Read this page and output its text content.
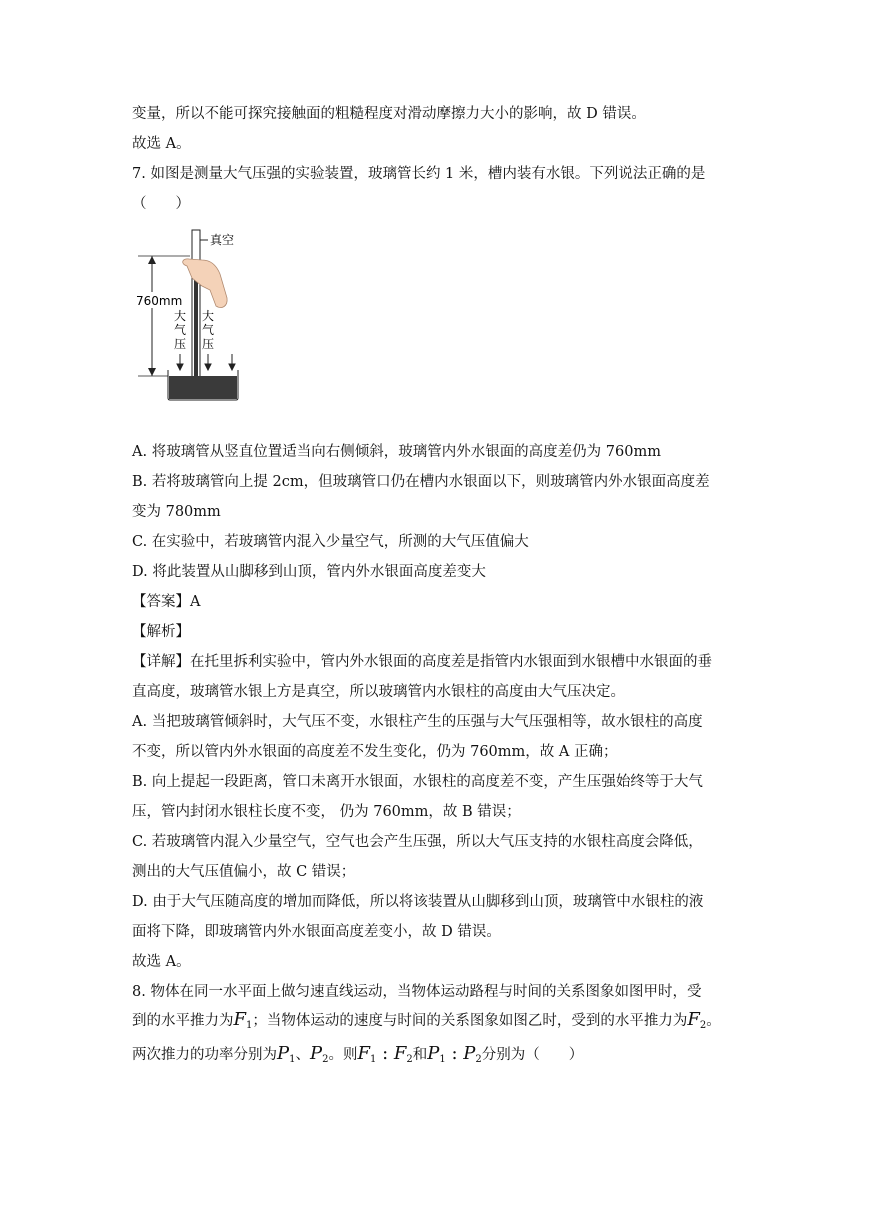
变量，所以不能可探究接触面的粗糙程度对滑动摩擦力大小的影响，故 D 错误。
故选 A。
7. 如图是测量大气压强的实验装置，玻璃管长约 1 米，槽内装有水银。下列说法正确的是
（　　）
真空
760mm
大
气
压
大
气
压
A. 将玻璃管从竖直位置适当向右侧倾斜，玻璃管内外水银面的高度差仍为 760mm
B. 若将玻璃管向上提 2cm，但玻璃管口仍在槽内水银面以下，则玻璃管内外水银面高度差
变为 780mm
C. 在实验中，若玻璃管内混入少量空气，所测的大气压值偏大
D. 将此装置从山脚移到山顶，管内外水银面高度差变大
【答案】A
【解析】
【详解】在托里拆利实验中，管内外水银面的高度差是指管内水银面到水银槽中水银面的垂
直高度，玻璃管水银上方是真空，所以玻璃管内水银柱的高度由大气压决定。
A. 当把玻璃管倾斜时，大气压不变，水银柱产生的压强与大气压强相等，故水银柱的高度
不变，所以管内外水银面的高度差不发生变化，仍为 760mm，故 A 正确；
B. 向上提起一段距离，管口未离开水银面，水银柱的高度差不变，产生压强始终等于大气
压，管内封闭水银柱长度不变， 仍为 760mm，故 B 错误；
C. 若玻璃管内混入少量空气，空气也会产生压强，所以大气压支持的水银柱高度会降低，
测出的大气压值偏小，故 C 错误；
D. 由于大气压随高度的增加而降低，所以将该装置从山脚移到山顶，玻璃管中水银柱的液
面将下降，即玻璃管内外水银面高度差变小，故 D 错误。
故选 A。
8. 物体在同一水平面上做匀速直线运动，当物体运动路程与时间的关系图象如图甲时，受
到的水平推力为$F_1$；当物体运动的速度与时间的关系图象如图乙时，受到的水平推力为$F_2$。
两次推力的功率分别为$P_1$、$P_2$。则$F_1$ : $F_2$和$P_1$ : $P_2$分别为（　　）
